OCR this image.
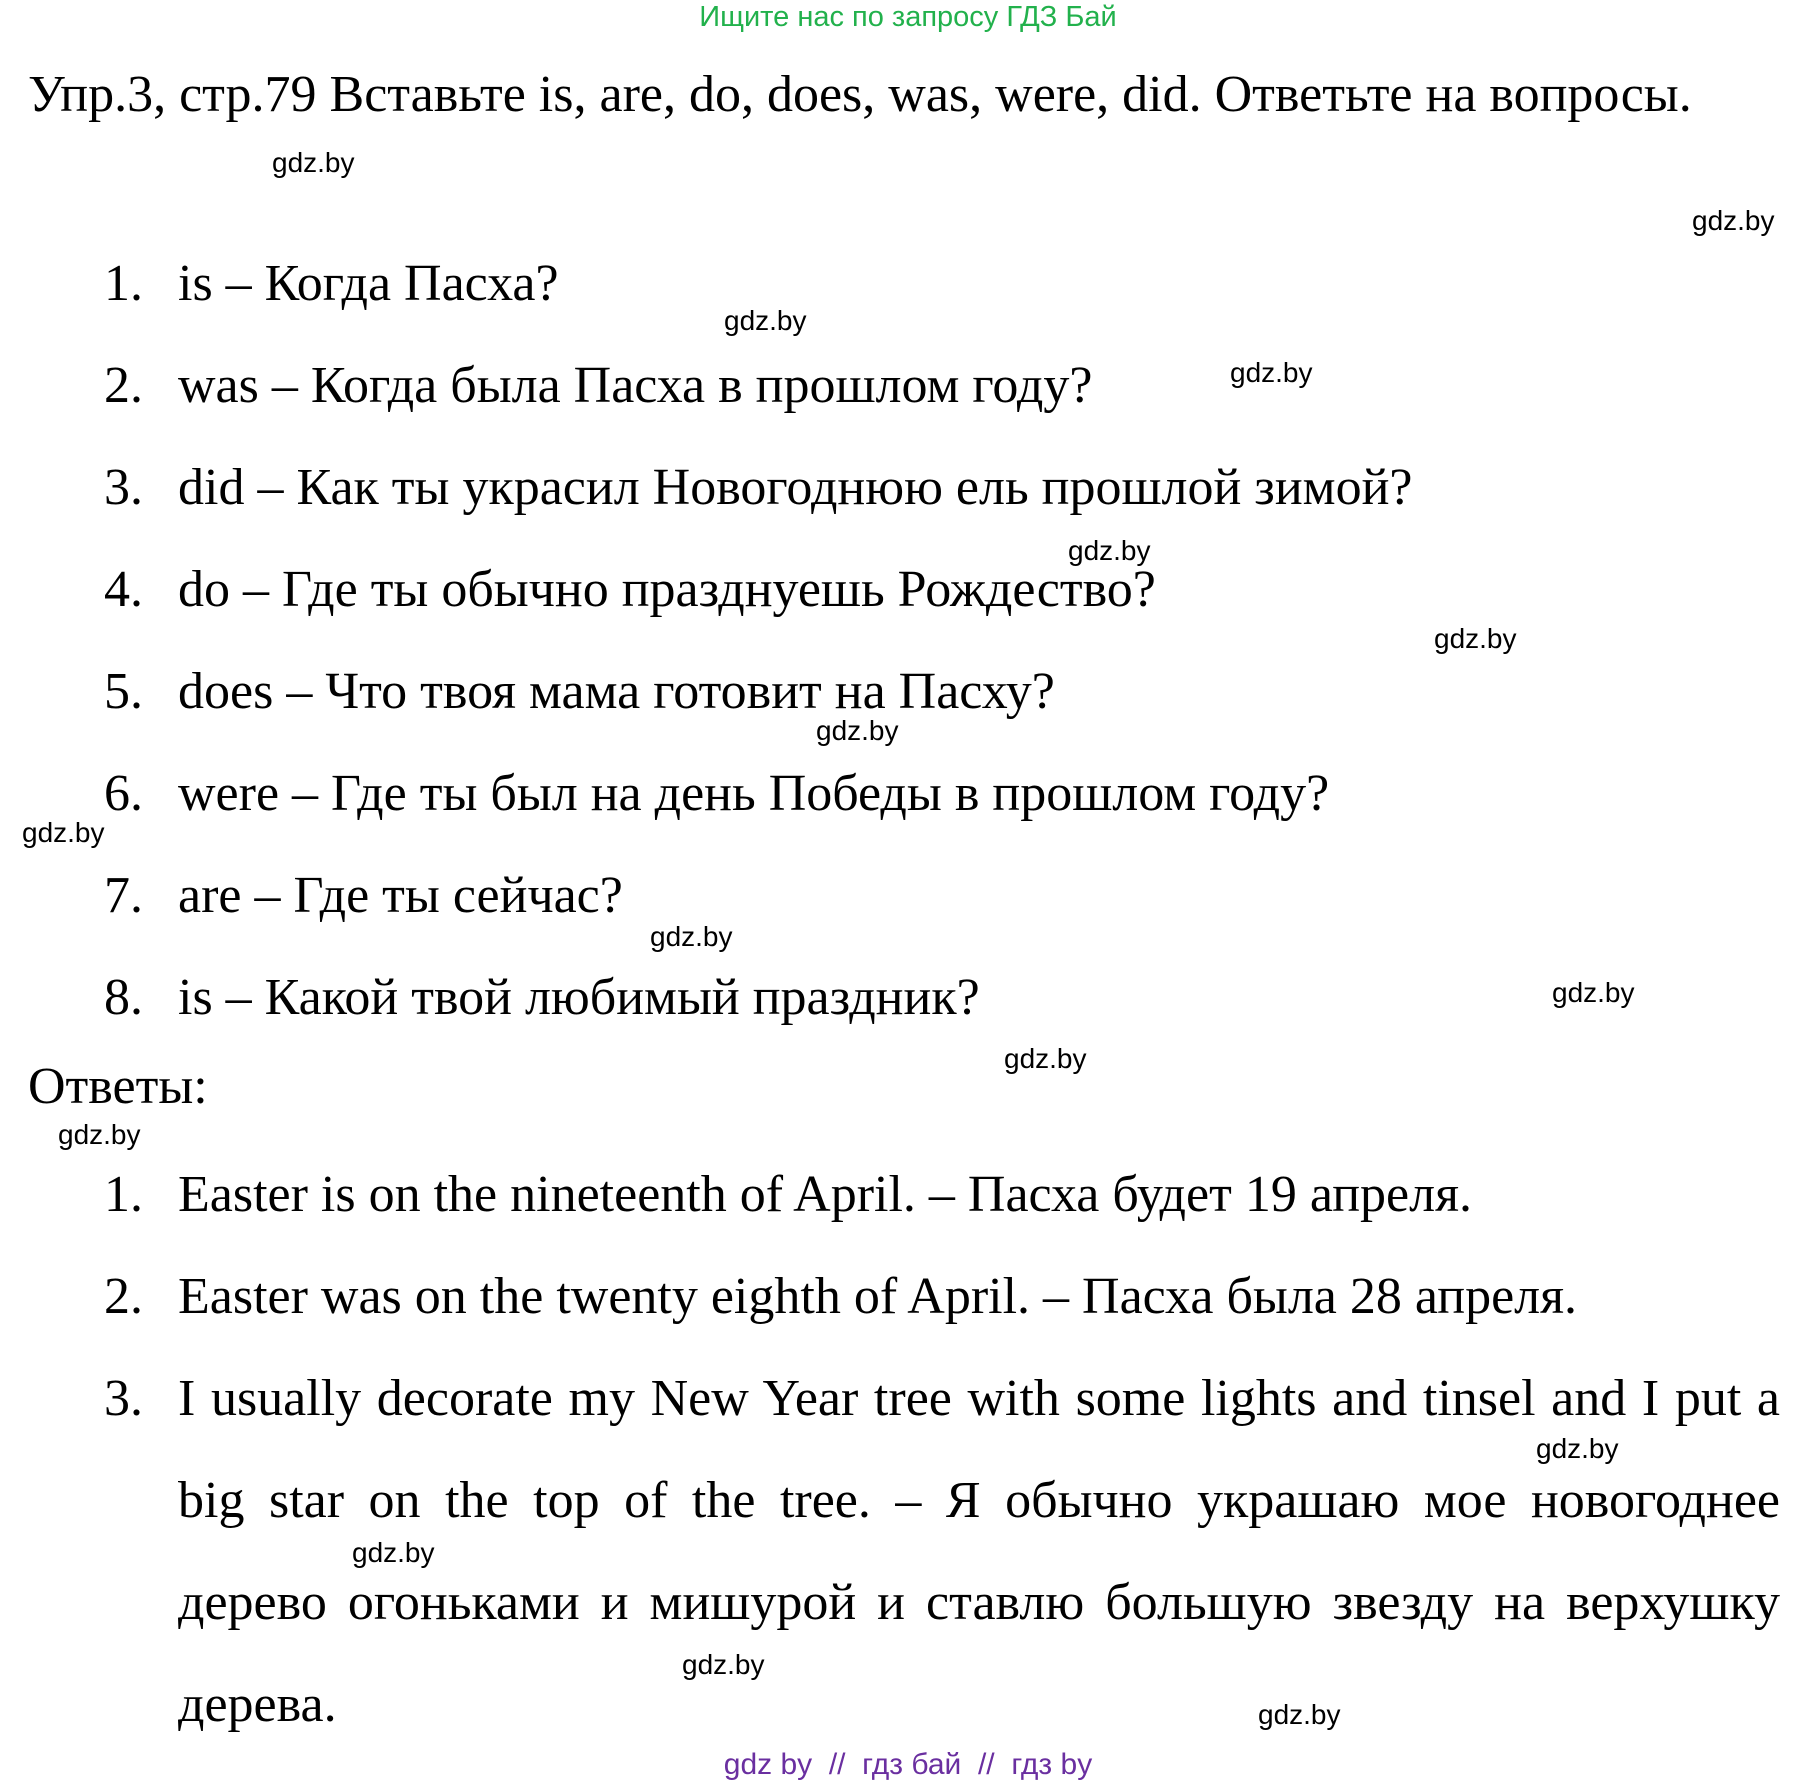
Ищите нас по запросу ГДЗ Бай
Упр.3, стр.79 Вставьте is, are, do, does, was, were, did. Ответьте на вопросы.
1. is – Когда Пасха?
2. was – Когда была Пасха в прошлом году?
3. did – Как ты украсил Новогоднюю ель прошлой зимой?
4. do – Где ты обычно празднуешь Рождество?
5. does – Что твоя мама готовит на Пасху?
6. were – Где ты был на день Победы в прошлом году?
7. are – Где ты сейчас?
8. is – Какой твой любимый праздник?
Ответы:
1. Easter is on the nineteenth of April. – Пасха будет 19 апреля.
2. Easter was on the twenty eighth of April. – Пасха была 28 апреля.
3. I usually decorate my New Year tree with some lights and tinsel and I put a big star on the top of the tree. – Я обычно украшаю мое новогоднее дерево огоньками и мишурой и ставлю большую звезду на верхушку дерева.
gdz.by
gdz.by
gdz.by
gdz.by
gdz.by
gdz.by
gdz.by
gdz.by
gdz.by
gdz.by
gdz.by
gdz.by
gdz.by
gdz.by
gdz.by
gdz.by
gdz by  //  гдз бай  //  гдз by
